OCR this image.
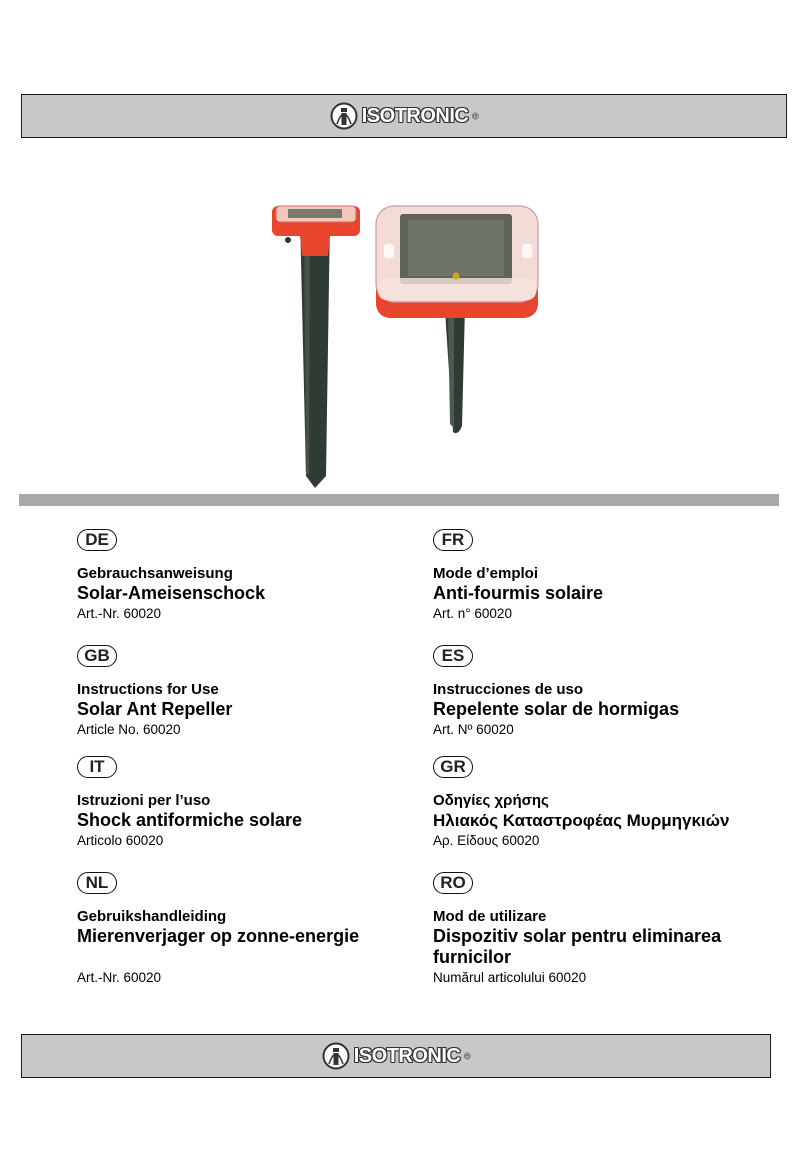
ISOTRONIC ®
DE
Gebrauchsanweisung
Solar-Ameisenschock
Art.-Nr. 60020
GB
Instructions for Use
Solar Ant Repeller
Article No. 60020
IT
Istruzioni per l’uso
Shock antiformiche solare
Articolo 60020
NL
Gebruikshandleiding
Mierenverjager op zonne-energie
Art.-Nr. 60020
FR
Mode d’emploi
Anti-fourmis solaire
Art. n° 60020
ES
Instrucciones de uso
Repelente solar de hormigas
Art. Nº 60020
GR
Οδηγίες χρήσης
Ηλιακός Καταστροφέας Μυρμηγκιών
Αρ. Είδους 60020
RO
Mod de utilizare
Dispozitiv solar pentru eliminarea furnicilor
Numărul articolului 60020
ISOTRONIC ®
